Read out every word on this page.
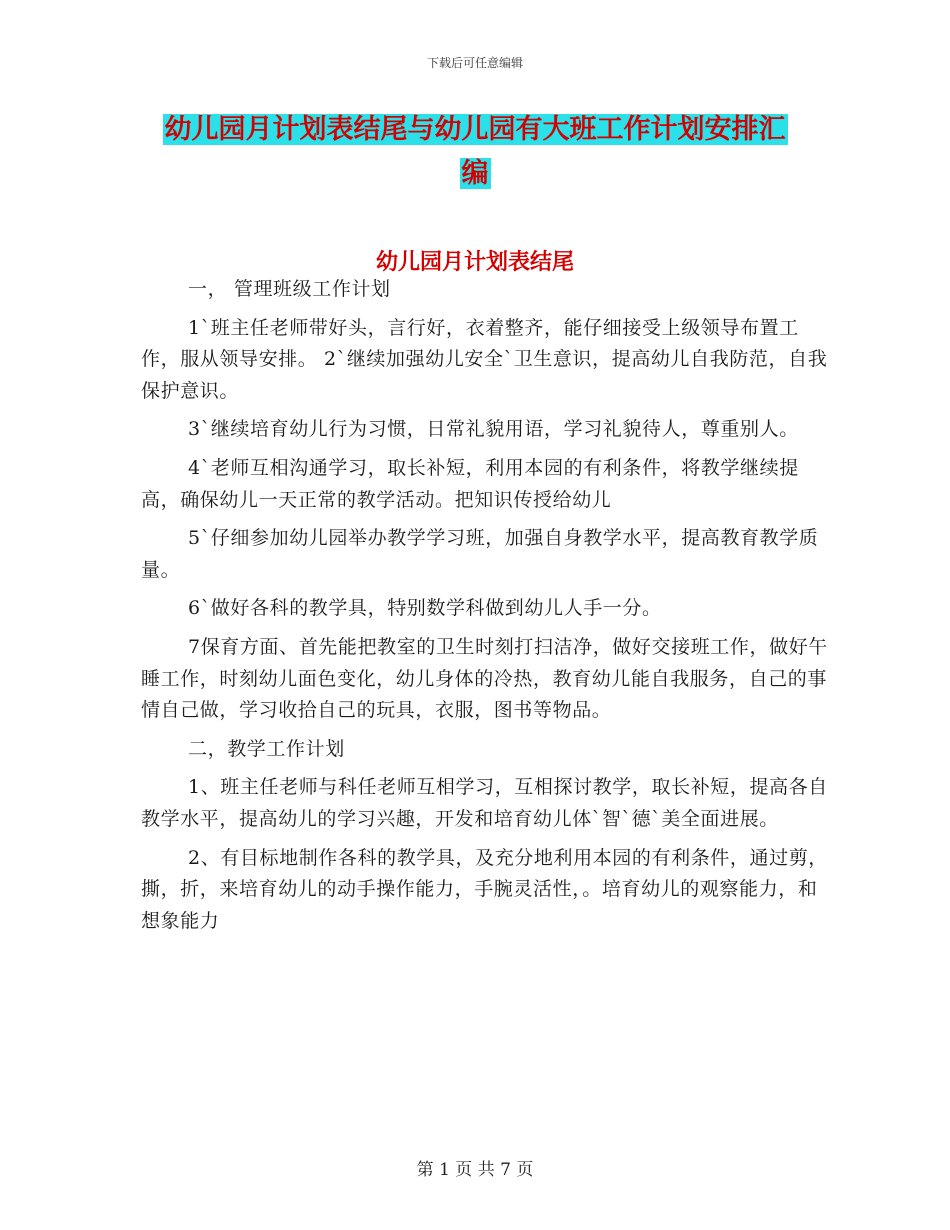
下载后可任意编辑
幼儿园月计划表结尾与幼儿园有大班工作计划安排汇
编
幼儿园月计划表结尾

一， 管理班级工作计划

1`班主任老师带好头，言行好，衣着整齐，能仔细接受上级领导布置工作，服从领导安排。 2`继续加强幼儿安全`卫生意识，提高幼儿自我防范，自我保护意识。

3`继续培育幼儿行为习惯，日常礼貌用语，学习礼貌待人，尊重别人。

4`老师互相沟通学习，取长补短，利用本园的有利条件，将教学继续提高，确保幼儿一天正常的教学活动。把知识传授给幼儿

5`仔细参加幼儿园举办教学学习班，加强自身教学水平，提高教育教学质量。

6`做好各科的教学具，特别数学科做到幼儿人手一分。

7保育方面、首先能把教室的卫生时刻打扫洁净，做好交接班工作，做好午睡工作，时刻幼儿面色变化，幼儿身体的冷热，教育幼儿能自我服务，自己的事情自己做，学习收拾自己的玩具，衣服，图书等物品。

二，教学工作计划

1、班主任老师与科任老师互相学习，互相探讨教学，取长补短，提高各自教学水平，提高幼儿的学习兴趣，开发和培育幼儿体`智`德`美全面进展。

2、有目标地制作各科的教学具，及充分地利用本园的有利条件，通过剪，撕，折，来培育幼儿的动手操作能力，手腕灵活性，。培育幼儿的观察能力，和想象能力

第 1 页 共 7 页
